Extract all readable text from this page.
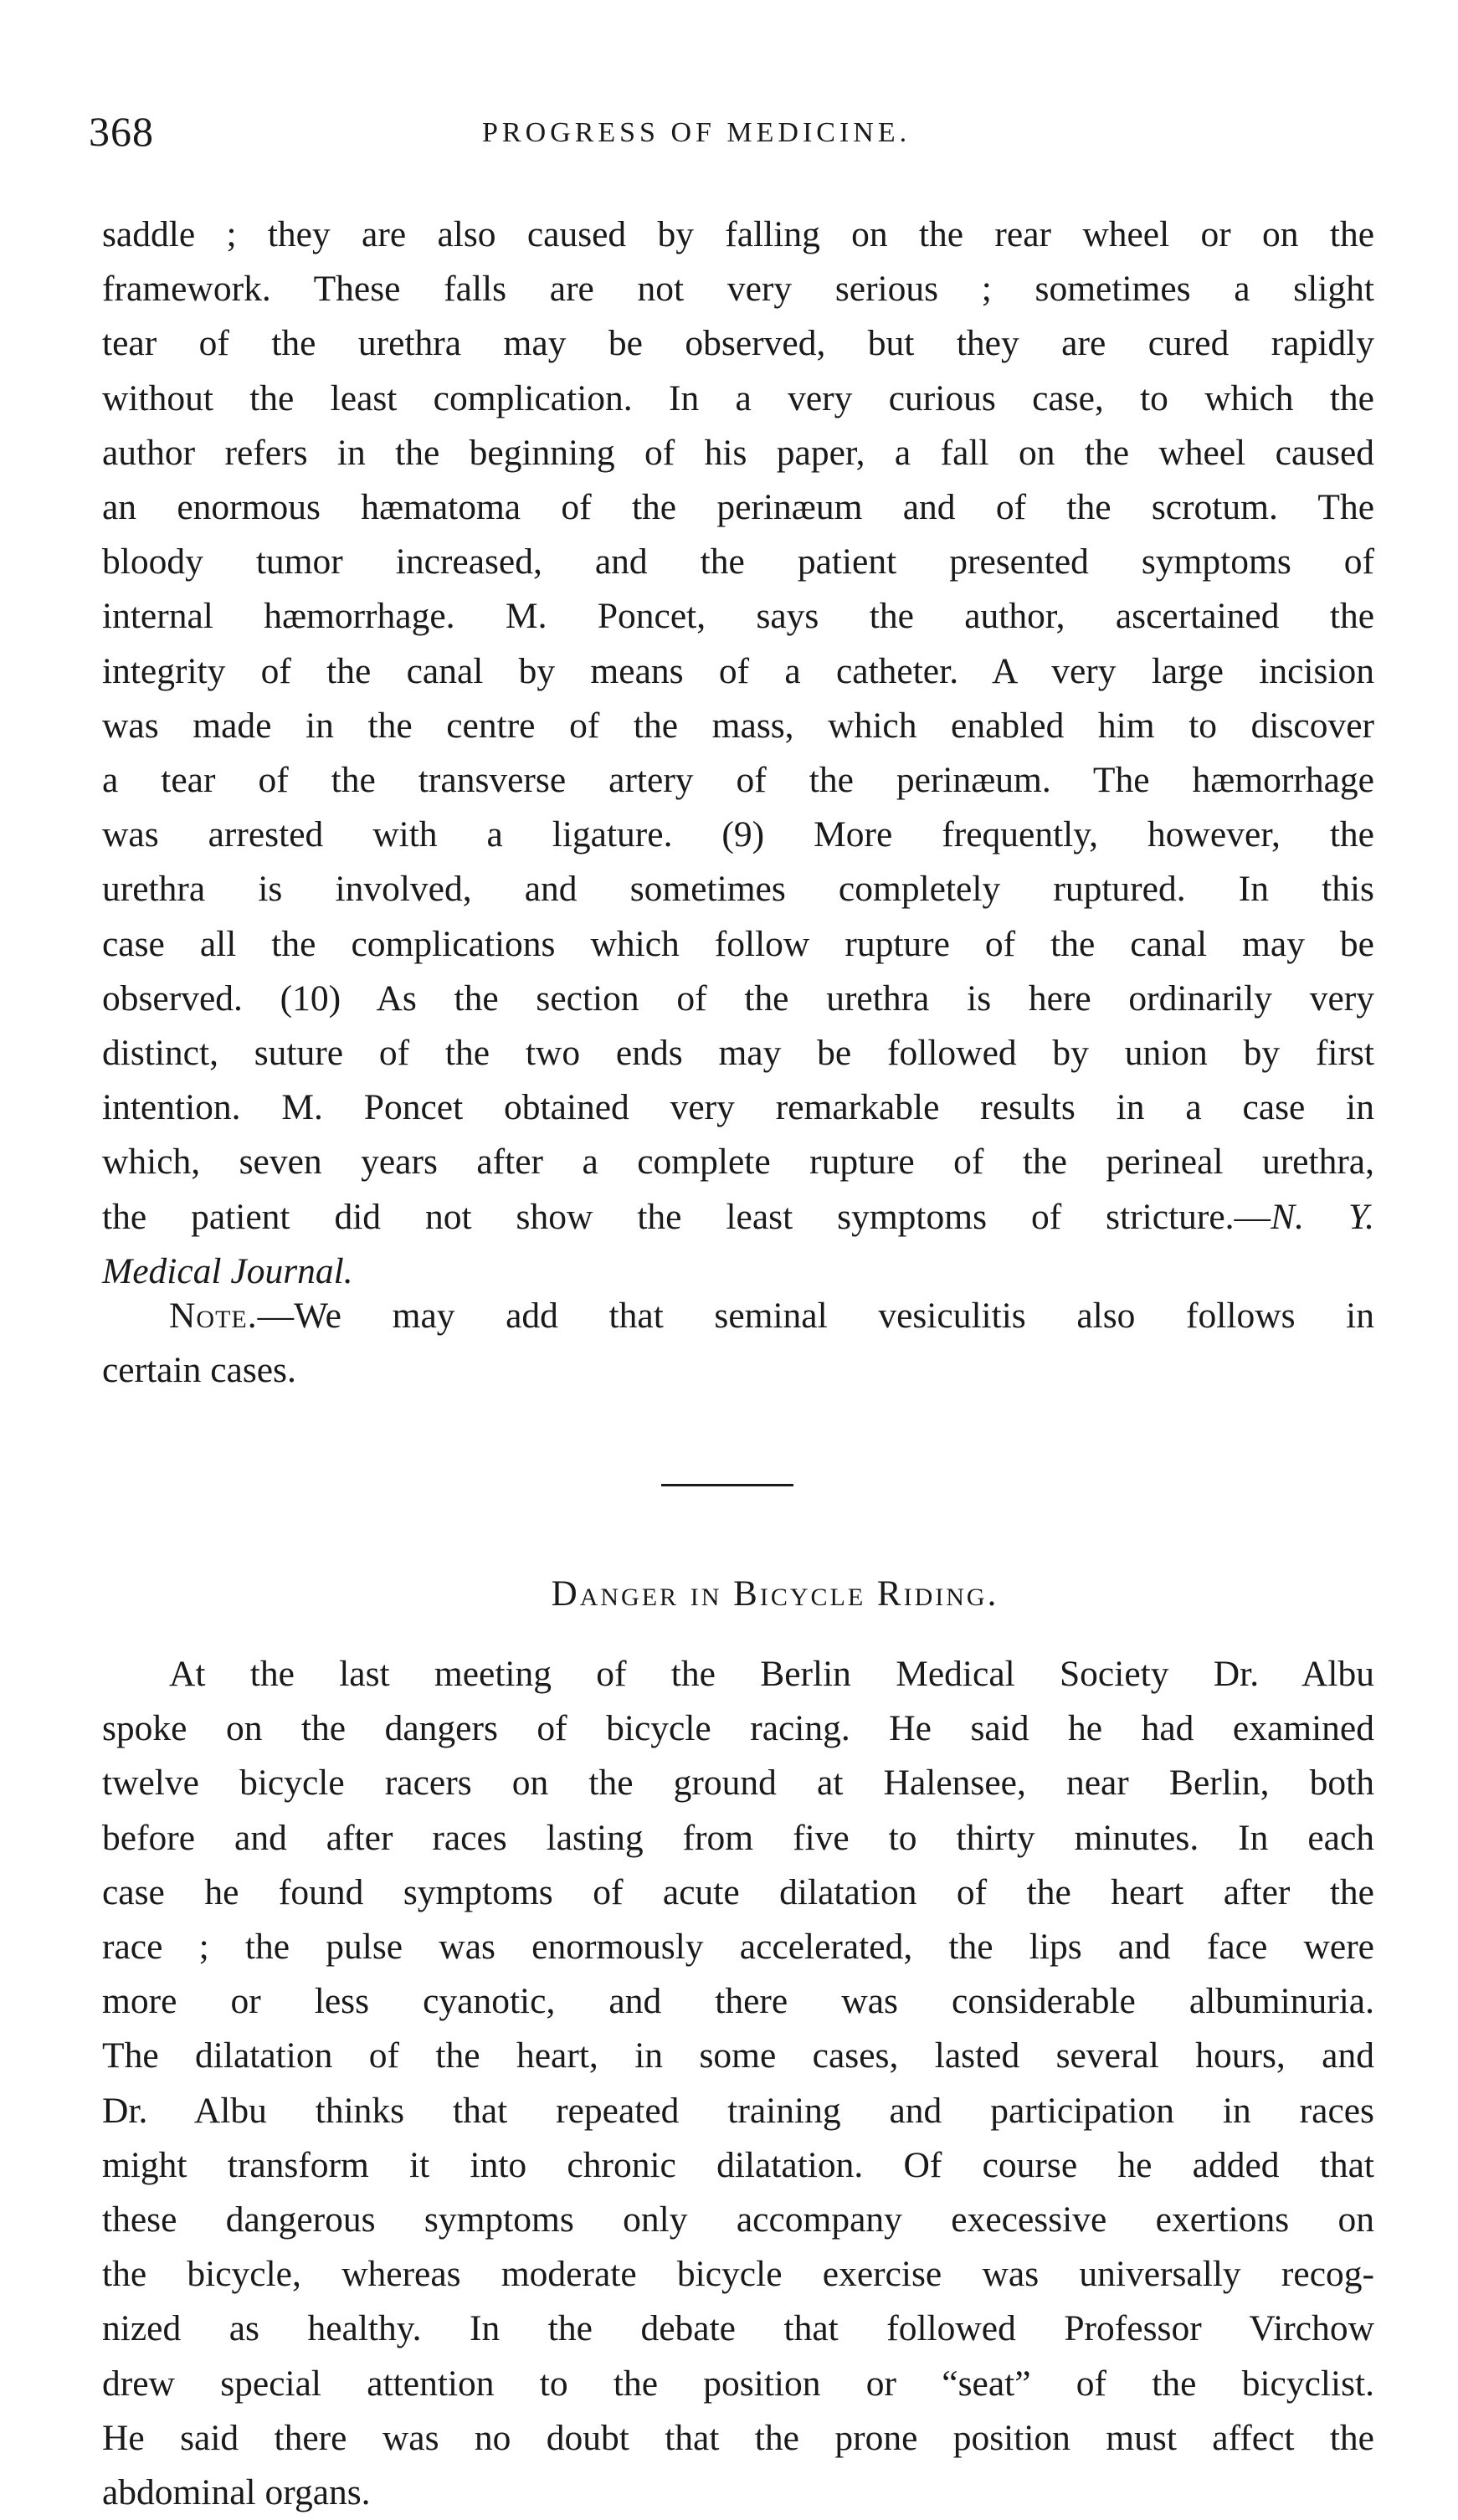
368	PROGRESS OF MEDICINE.
saddle ; they are also caused by falling on the rear wheel or on the
framework. These falls are not very serious ; sometimes a slight
tear of the urethra may be observed, but they are cured rapidly
without the least complication. In a very curious case, to which the
author refers in the beginning of his paper, a fall on the wheel caused
an enormous hæmatoma of the perinæum and of the scrotum. The
bloody tumor increased, and the patient presented symptoms of
internal hæmorrhage. M. Poncet, says the author, ascertained the
integrity of the canal by means of a catheter. A very large incision
was made in the centre of the mass, which enabled him to discover
a tear of the transverse artery of the perinæum. The hæmorrhage
was arrested with a ligature. (9) More frequently, however, the
urethra is involved, and sometimes completely ruptured. In this
case all the complications which follow rupture of the canal may be
observed. (10) As the section of the urethra is here ordinarily very
distinct, suture of the two ends may be followed by union by first
intention. M. Poncet obtained very remarkable results in a case in
which, seven years after a complete rupture of the perineal urethra,
the patient did not show the least symptoms of stricture.—N. Y.
Medical Journal.
Note.—We may add that seminal vesiculitis also follows in
certain cases.
Danger in Bicycle Riding.
At the last meeting of the Berlin Medical Society Dr. Albu
spoke on the dangers of bicycle racing. He said he had examined
twelve bicycle racers on the ground at Halensee, near Berlin, both
before and after races lasting from five to thirty minutes. In each
case he found symptoms of acute dilatation of the heart after the
race ; the pulse was enormously accelerated, the lips and face were
more or less cyanotic, and there was considerable albuminuria.
The dilatation of the heart, in some cases, lasted several hours, and
Dr. Albu thinks that repeated training and participation in races
might transform it into chronic dilatation. Of course he added that
these dangerous symptoms only accompany execessive exertions on
the bicycle, whereas moderate bicycle exercise was universally recog-
nized as healthy. In the debate that followed Professor Virchow
drew special attention to the position or “seat” of the bicyclist.
He said there was no doubt that the prone position must affect the
abdominal organs.
